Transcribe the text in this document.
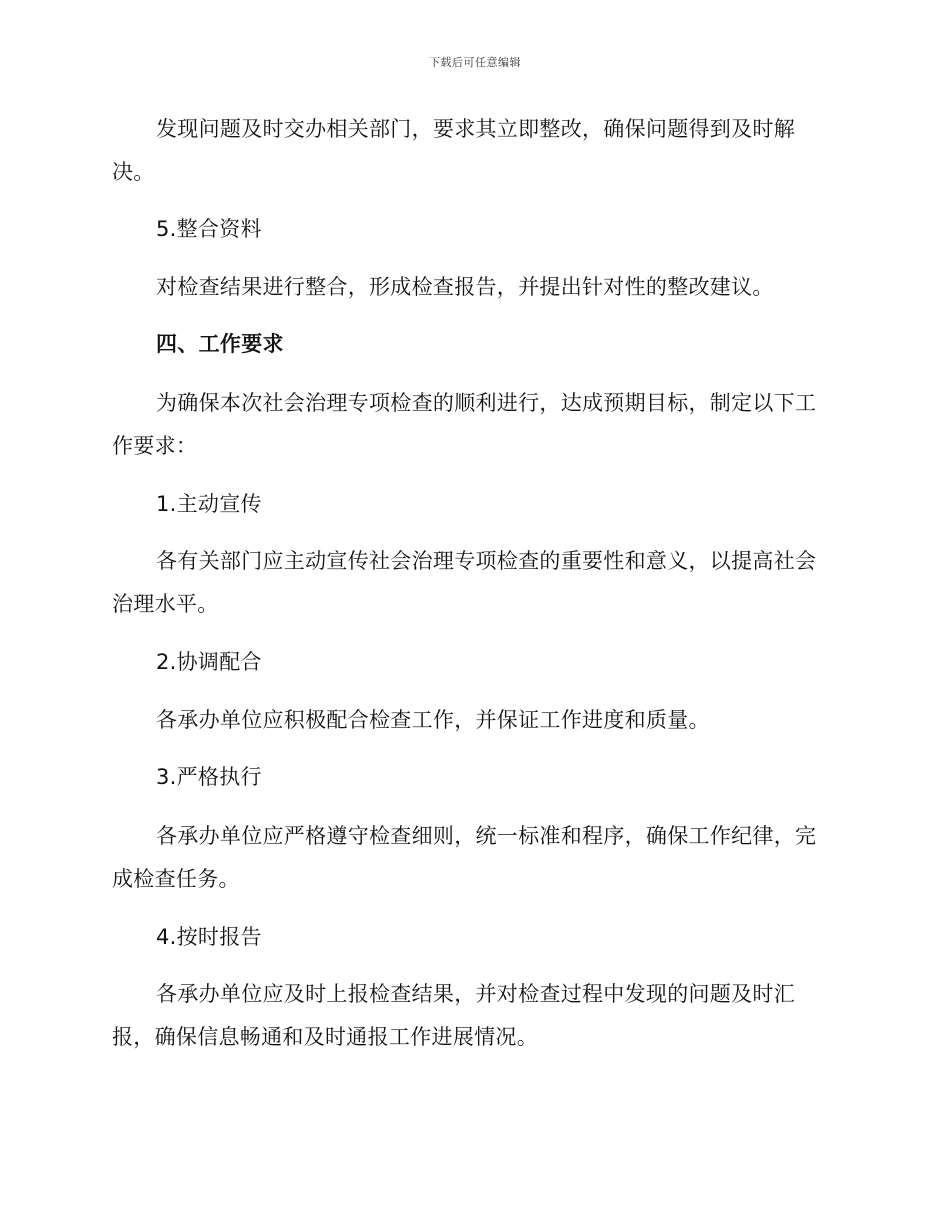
下载后可任意编辑

发现问题及时交办相关部门，要求其立即整改，确保问题得到及时解决。

5.整合资料

对检查结果进行整合，形成检查报告，并提出针对性的整改建议。

四、工作要求

为确保本次社会治理专项检查的顺利进行，达成预期目标，制定以下工作要求：

1.主动宣传

各有关部门应主动宣传社会治理专项检查的重要性和意义，以提高社会治理水平。

2.协调配合

各承办单位应积极配合检查工作，并保证工作进度和质量。

3.严格执行

各承办单位应严格遵守检查细则，统一标准和程序，确保工作纪律，完成检查任务。

4.按时报告

各承办单位应及时上报检查结果，并对检查过程中发现的问题及时汇报，确保信息畅通和及时通报工作进展情况。
